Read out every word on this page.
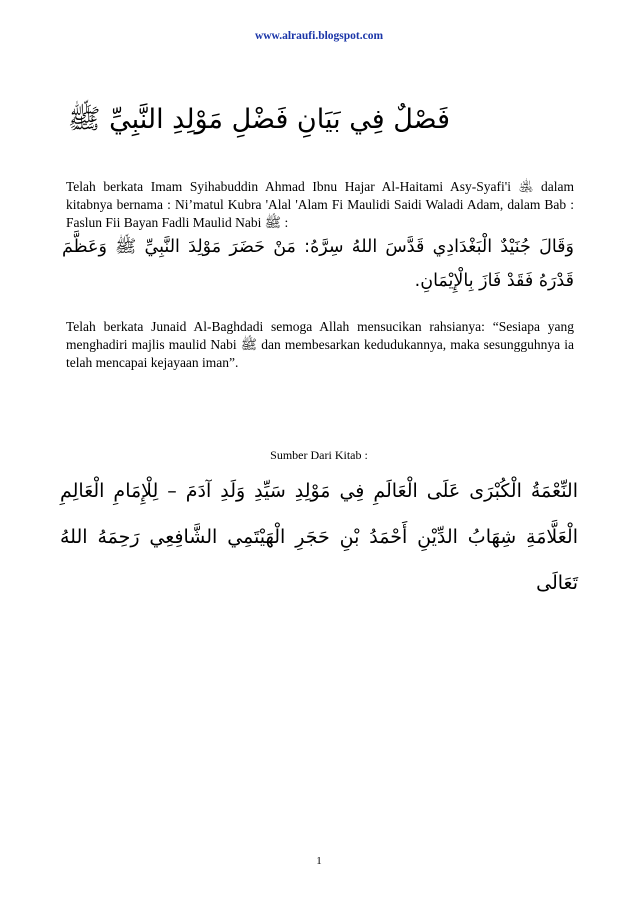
www.alraufi.blogspot.com
فَصْلٌ فِي بَيَانِ فَضْلِ مَوْلِدِ النَّبِيِّ ﷺ
Telah berkata Imam Syihabuddin Ahmad Ibnu Hajar Al-Haitami Asy-Syafi'i ﵁ dalam kitabnya bernama : Ni’matul Kubra 'Alal 'Alam Fi Maulidi Saidi Waladi Adam, dalam Bab : Faslun Fii Bayan Fadli Maulid Nabi ﷺ :
وَقَالَ جُنَيْدٌ الْبَغْدَادِي قَدَّسَ اللهُ سِرَّهُ: مَنْ حَضَرَ مَوْلِدَ النَّبِيِّ ﷺ وَعَظَّمَ قَدْرَهُ فَقَدْ فَازَ بِالْإِيْمَانِ.
Telah berkata Junaid Al-Baghdadi semoga Allah mensucikan rahsianya: “Sesiapa yang menghadiri majlis maulid Nabi ﷺ dan membesarkan kedudukannya, maka sesungguhnya ia telah mencapai kejayaan iman”.
Sumber Dari Kitab :
النِّعْمَةُ الْكُبْرَى عَلَى الْعَالَمِ فِي مَوْلِدِ سَيِّدِ وَلَدِ آدَمَ – لِلْإِمَامِ الْعَالِمِ الْعَلَّامَةِ شِهَابُ الدِّيْنِ أَحْمَدُ بْنِ حَجَرِ الْهَيْتَمِي الشَّافِعِي رَحِمَهُ اللهُ تَعَالَى
1
